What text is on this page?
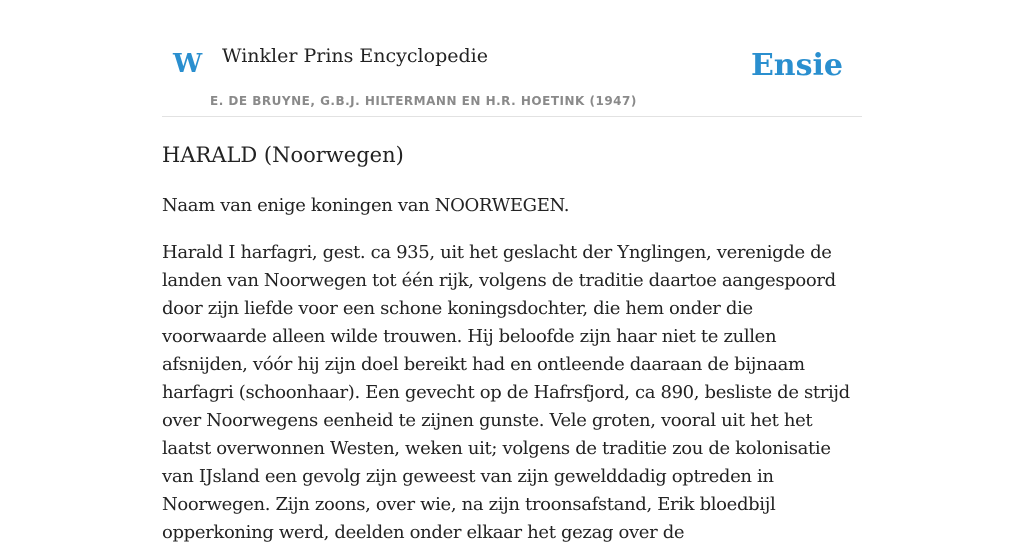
W Winkler Prins Encyclopedie
E. DE BRUYNE, G.B.J. HILTERMANN EN H.R. HOETINK (1947)
Ensie
HARALD (Noorwegen)

Naam van enige koningen van NOORWEGEN.

Harald I harfagri, gest. ca 935, uit het geslacht der Ynglingen, verenigde de landen van Noorwegen tot één rijk, volgens de traditie daartoe aangespoord door zijn liefde voor een schone koningsdochter, die hem onder die voorwaarde alleen wilde trouwen. Hij beloofde zijn haar niet te zullen afsnijden, vóór hij zijn doel bereikt had en ontleende daaraan de bijnaam harfagri (schoonhaar). Een gevecht op de Hafrsfjord, ca 890, besliste de strijd over Noorwegens eenheid te zijnen gunste. Vele groten, vooral uit het het laatst overwonnen Westen, weken uit; volgens de traditie zou de kolonisatie van IJsland een gevolg zijn geweest van zijn gewelddadig optreden in Noorwegen. Zijn zoons, over wie, na zijn troonsafstand, Erik bloedbijl opperkoning werd, deelden onder elkaar het gezag over de
